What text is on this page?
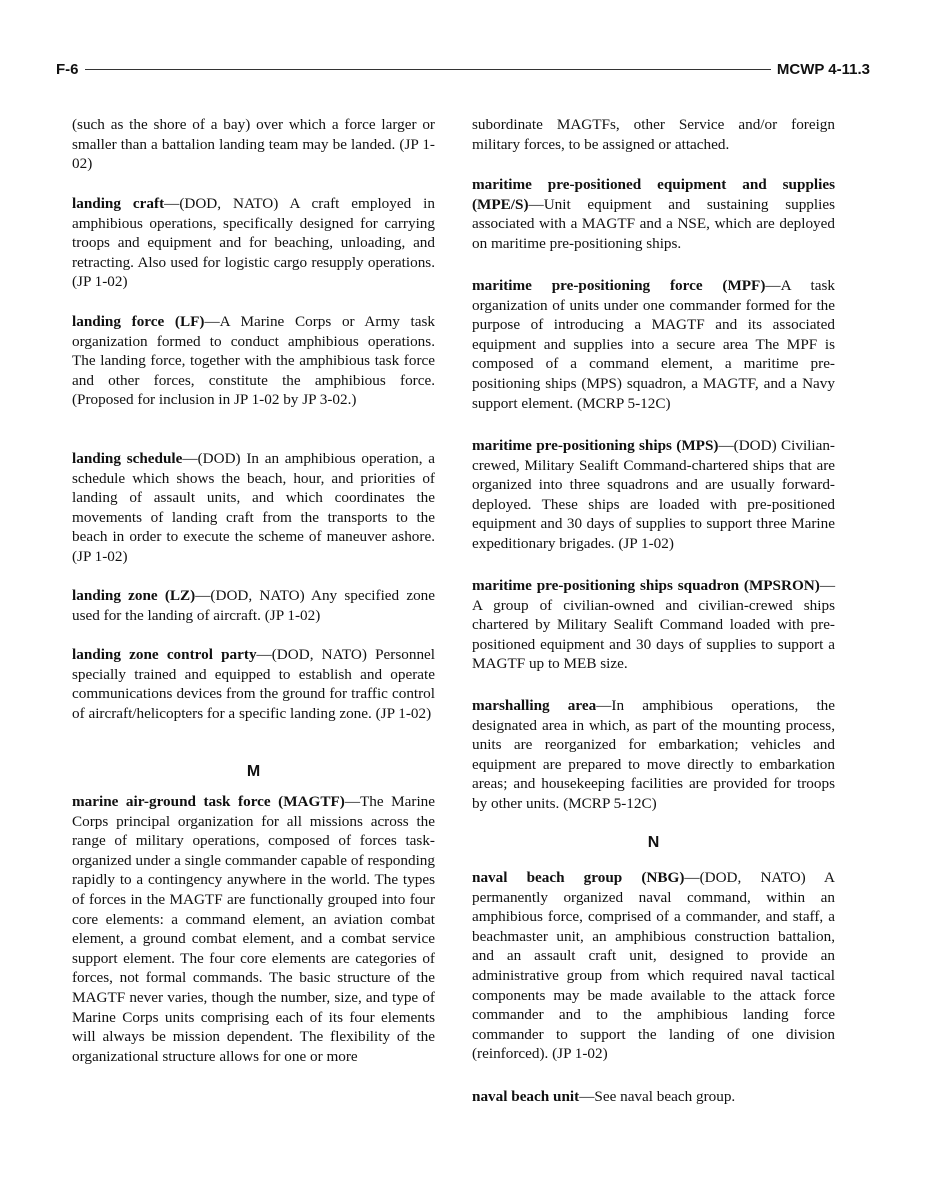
F-6	MCWP 4-11.3
(such as the shore of a bay) over which a force larger or smaller than a battalion landing team may be landed. (JP 1-02)
landing craft—(DOD, NATO) A craft employed in amphibious operations, specifically designed for carrying troops and equipment and for beaching, unloading, and retracting. Also used for logistic cargo resupply operations. (JP 1-02)
landing force (LF)—A Marine Corps or Army task organization formed to conduct amphibious operations. The landing force, together with the amphibious task force and other forces, constitute the amphibious force. (Proposed for inclusion in JP 1-02 by JP 3-02.)
landing schedule—(DOD) In an amphibious operation, a schedule which shows the beach, hour, and priorities of landing of assault units, and which coordinates the movements of landing craft from the transports to the beach in order to execute the scheme of maneuver ashore. (JP 1-02)
landing zone (LZ)—(DOD, NATO) Any specified zone used for the landing of aircraft. (JP 1-02)
landing zone control party—(DOD, NATO) Personnel specially trained and equipped to establish and operate communications devices from the ground for traffic control of aircraft/helicopters for a specific landing zone. (JP 1-02)
M
marine air-ground task force (MAGTF)—The Marine Corps principal organization for all missions across the range of military operations, composed of forces task-organized under a single commander capable of responding rapidly to a contingency anywhere in the world. The types of forces in the MAGTF are functionally grouped into four core elements: a command element, an aviation combat element, a ground combat element, and a combat service support element. The four core elements are categories of forces, not formal commands. The basic structure of the MAGTF never varies, though the number, size, and type of Marine Corps units comprising each of its four elements will always be mission dependent. The flexibility of the organizational structure allows for one or more
subordinate MAGTFs, other Service and/or foreign military forces, to be assigned or attached.
maritime pre-positioned equipment and supplies (MPE/S)—Unit equipment and sustaining supplies associated with a MAGTF and a NSE, which are deployed on maritime pre-positioning ships.
maritime pre-positioning force (MPF)—A task organization of units under one commander formed for the purpose of introducing a MAGTF and its associated equipment and supplies into a secure area The MPF is composed of a command element, a maritime pre-positioning ships (MPS) squadron, a MAGTF, and a Navy support element. (MCRP 5-12C)
maritime pre-positioning ships (MPS)—(DOD) Civilian-crewed, Military Sealift Command-chartered ships that are organized into three squadrons and are usually forward-deployed. These ships are loaded with pre-positioned equipment and 30 days of supplies to support three Marine expeditionary brigades. (JP 1-02)
maritime pre-positioning ships squadron (MPSRON)—A group of civilian-owned and civilian-crewed ships chartered by Military Sealift Command loaded with pre-positioned equipment and 30 days of supplies to support a MAGTF up to MEB size.
marshalling area—In amphibious operations, the designated area in which, as part of the mounting process, units are reorganized for embarkation; vehicles and equipment are prepared to move directly to embarkation areas; and housekeeping facilities are provided for troops by other units. (MCRP 5-12C)
N
naval beach group (NBG)—(DOD, NATO) A permanently organized naval command, within an amphibious force, comprised of a commander, and staff, a beachmaster unit, an amphibious construction battalion, and an assault craft unit, designed to provide an administrative group from which required naval tactical components may be made available to the attack force commander and to the amphibious landing force commander to support the landing of one division (reinforced). (JP 1-02)
naval beach unit—See naval beach group.
